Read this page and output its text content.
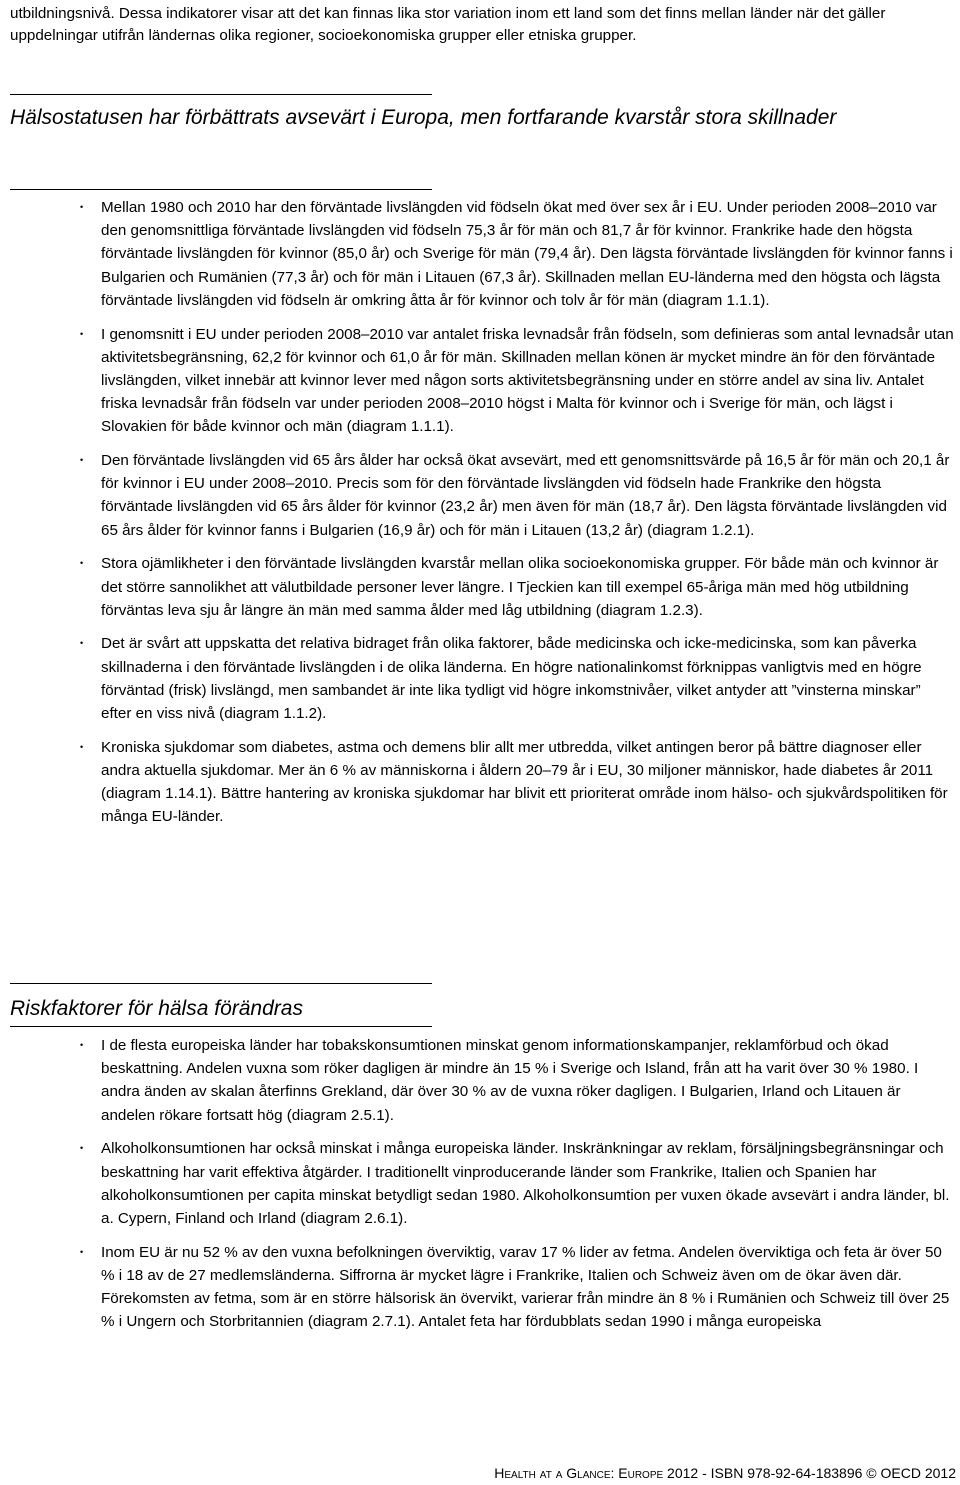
utbildningsnivå. Dessa indikatorer visar att det kan finnas lika stor variation inom ett land som det finns mellan länder när det gäller uppdelningar utifrån ländernas olika regioner, socioekonomiska grupper eller etniska grupper.

Hälsostatusen har förbättrats avsevärt i Europa, men fortfarande kvarstår stora skillnader
• Mellan 1980 och 2010 har den förväntade livslängden vid födseln ökat med över sex år i EU. Under perioden 2008–2010 var den genomsnittliga förväntade livslängden vid födseln 75,3 år för män och 81,7 år för kvinnor. Frankrike hade den högsta förväntade livslängden för kvinnor (85,0 år) och Sverige för män (79,4 år). Den lägsta förväntade livslängden för kvinnor fanns i Bulgarien och Rumänien (77,3 år) och för män i Litauen (67,3 år). Skillnaden mellan EU-länderna med den högsta och lägsta förväntade livslängden vid födseln är omkring åtta år för kvinnor och tolv år för män (diagram 1.1.1).
• I genomsnitt i EU under perioden 2008–2010 var antalet friska levnadsår från födseln, som definieras som antal levnadsår utan aktivitetsbegränsning, 62,2 för kvinnor och 61,0 år för män. Skillnaden mellan könen är mycket mindre än för den förväntade livslängden, vilket innebär att kvinnor lever med någon sorts aktivitetsbegränsning under en större andel av sina liv. Antalet friska levnadsår från födseln var under perioden 2008–2010 högst i Malta för kvinnor och i Sverige för män, och lägst i Slovakien för både kvinnor och män (diagram 1.1.1).
• Den förväntade livslängden vid 65 års ålder har också ökat avsevärt, med ett genomsnittsvärde på 16,5 år för män och 20,1 år för kvinnor i EU under 2008–2010. Precis som för den förväntade livslängden vid födseln hade Frankrike den högsta förväntade livslängden vid 65 års ålder för kvinnor (23,2 år) men även för män (18,7 år). Den lägsta förväntade livslängden vid 65 års ålder för kvinnor fanns i Bulgarien (16,9 år) och för män i Litauen (13,2 år) (diagram 1.2.1).
• Stora ojämlikheter i den förväntade livslängden kvarstår mellan olika socioekonomiska grupper. För både män och kvinnor är det större sannolikhet att välutbildade personer lever längre. I Tjeckien kan till exempel 65-åriga män med hög utbildning förväntas leva sju år längre än män med samma ålder med låg utbildning (diagram 1.2.3).
• Det är svårt att uppskatta det relativa bidraget från olika faktorer, både medicinska och icke-medicinska, som kan påverka skillnaderna i den förväntade livslängden i de olika länderna. En högre nationalinkomst förknippas vanligtvis med en högre förväntad (frisk) livslängd, men sambandet är inte lika tydligt vid högre inkomstnivåer, vilket antyder att ”vinsterna minskar” efter en viss nivå (diagram 1.1.2).
• Kroniska sjukdomar som diabetes, astma och demens blir allt mer utbredda, vilket antingen beror på bättre diagnoser eller andra aktuella sjukdomar. Mer än 6 % av människorna i åldern 20–79 år i EU, 30 miljoner människor, hade diabetes år 2011 (diagram 1.14.1). Bättre hantering av kroniska sjukdomar har blivit ett prioriterat område inom hälso- och sjukvårdspolitiken för många EU-länder.
Riskfaktorer för hälsa förändras
• I de flesta europeiska länder har tobakskonsumtionen minskat genom informationskampanjer, reklamförbud och ökad beskattning. Andelen vuxna som röker dagligen är mindre än 15 % i Sverige och Island, från att ha varit över 30 % 1980. I andra änden av skalan återfinns Grekland, där över 30 % av de vuxna röker dagligen. I Bulgarien, Irland och Litauen är andelen rökare fortsatt hög (diagram 2.5.1).
• Alkoholkonsumtionen har också minskat i många europeiska länder. Inskränkningar av reklam, försäljningsbegränsningar och beskattning har varit effektiva åtgärder. I traditionellt vinproducerande länder som Frankrike, Italien och Spanien har alkoholkonsumtionen per capita minskat betydligt sedan 1980. Alkoholkonsumtion per vuxen ökade avsevärt i andra länder, bl. a. Cypern, Finland och Irland (diagram 2.6.1).
• Inom EU är nu 52 % av den vuxna befolkningen överviktig, varav 17 % lider av fetma. Andelen överviktiga och feta är över 50 % i 18 av de 27 medlemsländerna. Siffrorna är mycket lägre i Frankrike, Italien och Schweiz även om de ökar även där. Förekomsten av fetma, som är en större hälsorisk än övervikt, varierar från mindre än 8 % i Rumänien och Schweiz till över 25 % i Ungern och Storbritannien (diagram 2.7.1). Antalet feta har fördubblats sedan 1990 i många europeiska
Health at a Glance: Europe 2012 - ISBN 978-92-64-183896 © OECD 2012
